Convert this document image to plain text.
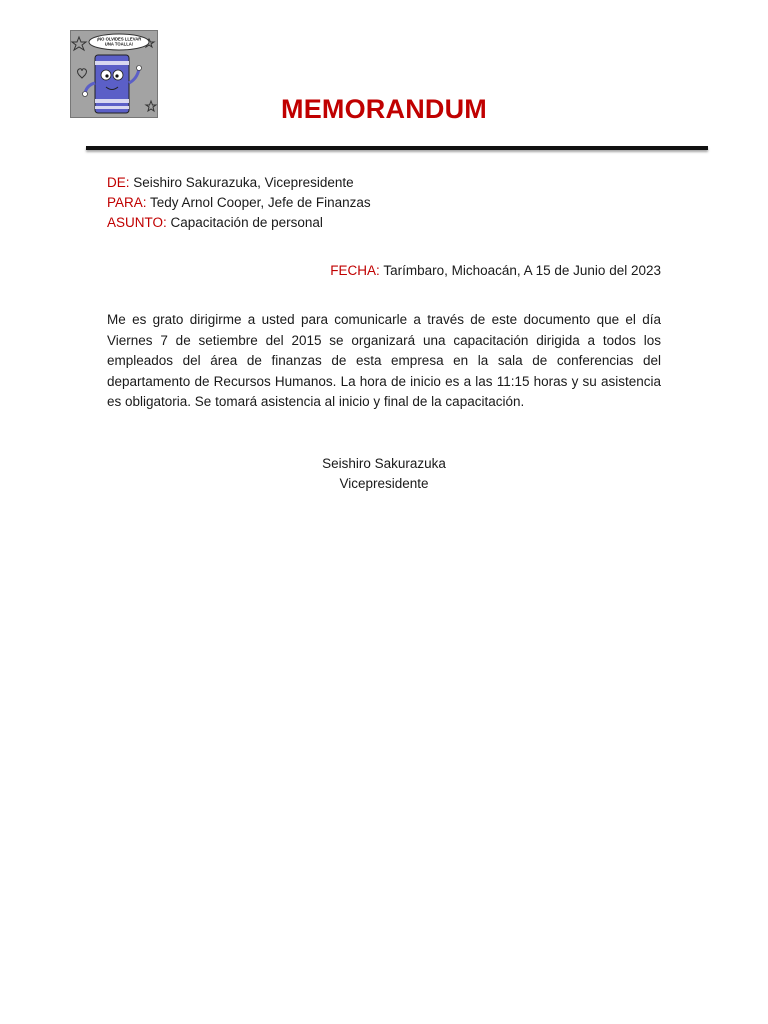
¡NO OLVIDES LLEVAR
UNA TOALLA!
MEMORANDUM
DE: Seishiro Sakurazuka, Vicepresidente
PARA: Tedy Arnol Cooper, Jefe de Finanzas
ASUNTO: Capacitación de personal
FECHA: Tarímbaro, Michoacán, A 15 de Junio del 2023
Me es grato dirigirme a usted para comunicarle a través de este documento que el día Viernes 7 de setiembre del 2015 se organizará una capacitación dirigida a todos los empleados del área de finanzas de esta empresa en la sala de conferencias del departamento de Recursos Humanos. La hora de inicio es a las 11:15 horas y su asistencia es obligatoria. Se tomará asistencia al inicio y final de la capacitación.
Seishiro Sakurazuka
Vicepresidente
